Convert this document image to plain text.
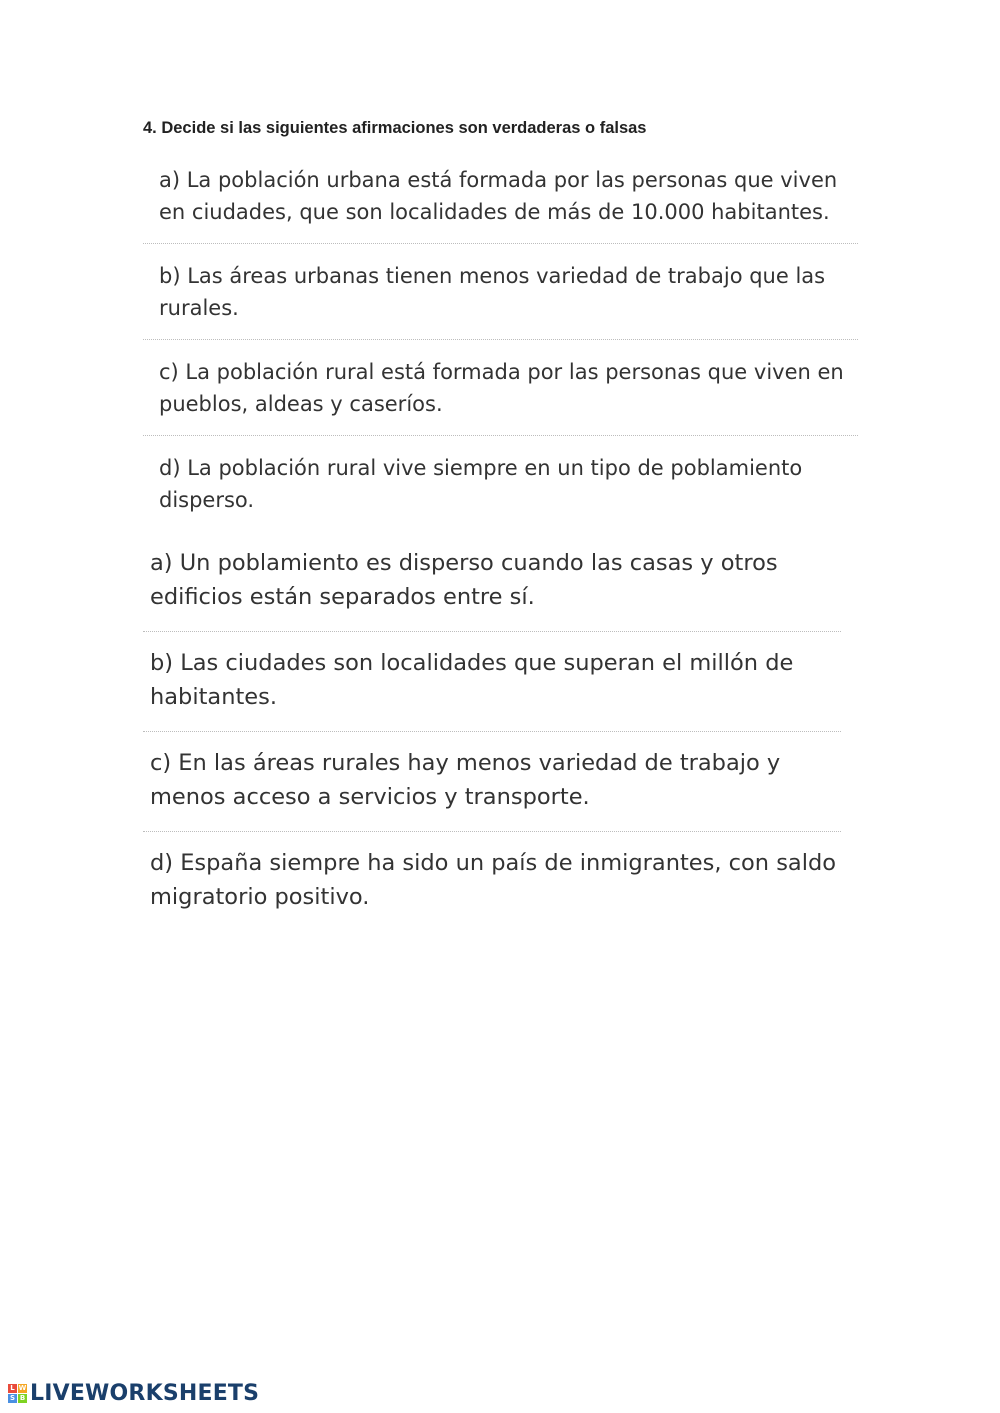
4. Decide si las siguientes afirmaciones son verdaderas o falsas

a) La población urbana está formada por las personas que viven en ciudades, que son localidades de más de 10.000 habitantes.
b) Las áreas urbanas tienen menos variedad de trabajo que las rurales.
c) La población rural está formada por las personas que viven en pueblos, aldeas y caseríos.
d) La población rural vive siempre en un tipo de poblamiento disperso.
a) Un poblamiento es disperso cuando las casas y otros edificios están separados entre sí.
b) Las ciudades son localidades que superan el millón de habitantes.
c) En las áreas rurales hay menos variedad de trabajo y menos acceso a servicios y transporte.
d) España siempre ha sido un país de inmigrantes, con saldo migratorio positivo.
L W
S B LIVEWORKSHEETS
